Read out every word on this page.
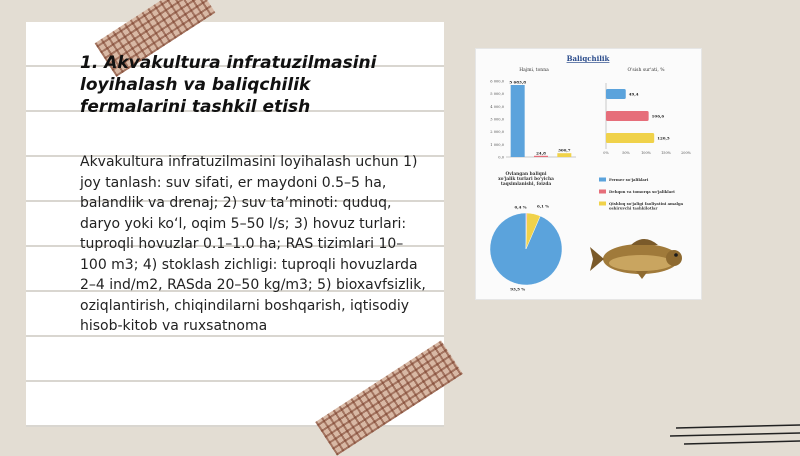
1. Akvakultura infratuzilmasini loyihalash va baliqchilik fermalarini tashkil etish

Akvakultura infratuzilmasini loyihalash uchun 1) joy tanlash: suv sifati, er maydoni 0.5–5 ha, balandlik va drenaj; 2) suv ta’minoti: quduq, daryo yoki ko‘l, oqim 5–50 l/s; 3) hovuz turlari: tuproqli hovuzlar 0.1–1.0 ha; RAS tizimlari 10–100 m3; 4) stoklash zichligi: tuproqli hovuzlarda 2–4 ind/m2, RASda 20–50 kg/m3; 5) bioxavfsizlik, oziqlantirish, chiqindilarni boshqarish, iqtisodiy hisob-kitob va ruxsatnoma

Baliqchilik
Hajmi, tonna	O'sish sur'ati, %
6 000,0
5 000,0
4 000,0
3 000,0
2 000,0
1 000,0
0,0
5 683,8
24,8
300,7
0%	50%	100%	150%	200%
49,4
106,6
120,5
Ovlangan baliqni xo'jalik turlari bo'yicha taqsimlanishi, foizda
93,5 %
0,4 %	6,1 %
Fermer xo'jaliklari
Dehqon va tomorqa xo'jaliklari
Qishloq xo'jaligi faoliyatini amalga oshiruvchi tashkilotlar
